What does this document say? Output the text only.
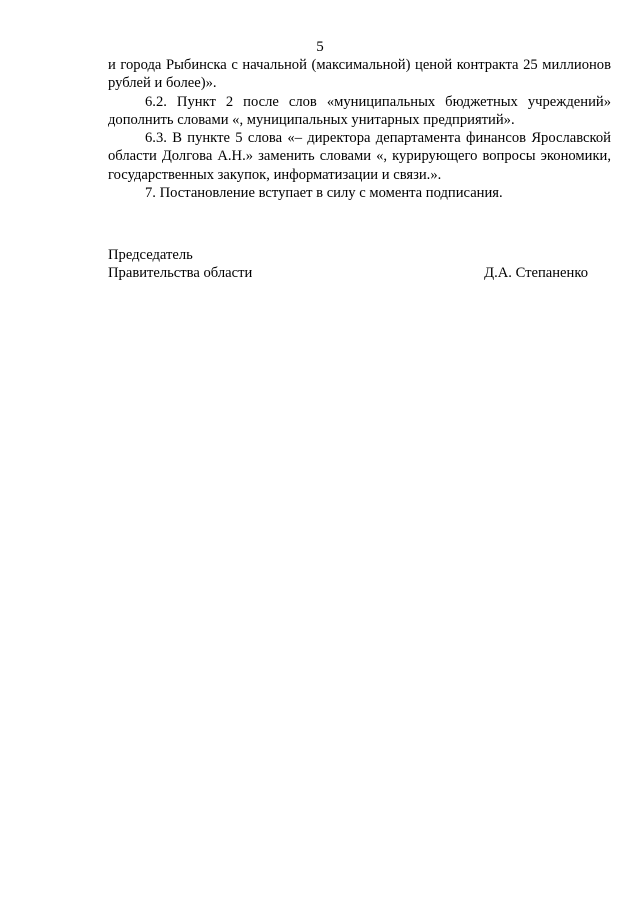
5

и города Рыбинска с начальной (максимальной) ценой контракта 25 миллионов рублей и более)».

6.2. Пункт 2 после слов «муниципальных бюджетных учреждений» дополнить словами «, муниципальных унитарных предприятий».

6.3. В пункте 5 слова «– директора департамента финансов Ярославской области Долгова А.Н.» заменить словами «, курирующего вопросы экономики, государственных закупок, информатизации и связи.».

7. Постановление вступает в силу с момента подписания.

Председатель
Правительства области	Д.А. Степаненко
